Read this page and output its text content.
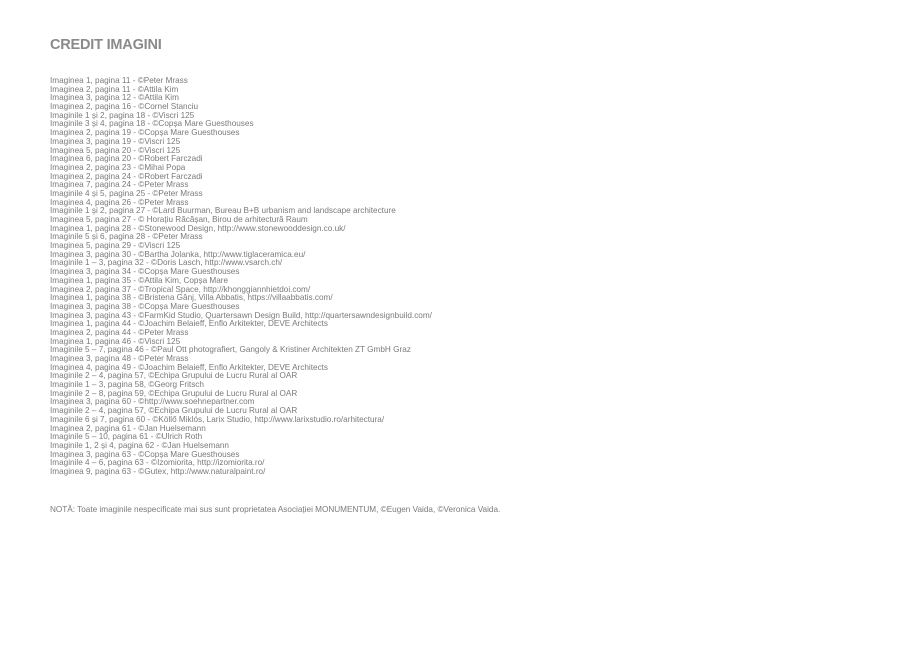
CREDIT IMAGINI
Imaginea 1, pagina 11 - ©Peter Mrass
Imaginea 2, pagina 11 - ©Attila Kim
Imaginea 3, pagina 12 - ©Attila Kim
Imaginea 2, pagina 16 - ©Cornel Stanciu
Imaginile 1 și 2, pagina 18 - ©Viscri 125
Imaginile 3 și 4, pagina 18 - ©Copșa Mare Guesthouses
Imaginea 2, pagina 19 - ©Copșa Mare Guesthouses
Imaginea 3, pagina 19 - ©Viscri 125
Imaginea 5, pagina 20 - ©Viscri 125
Imaginea 6, pagina 20 - ©Robert Farczadi
Imaginea 2, pagina 23 - ©Mihai Popa
Imaginea 2, pagina 24 - ©Robert Farczadi
Imaginea 7, pagina 24 - ©Peter Mrass
Imaginile 4 și 5, pagina 25 - ©Peter Mrass
Imaginea 4, pagina 26 - ©Peter Mrass
Imaginile 1 și 2, pagina 27 - ©Lard Buurman, Bureau B+B urbanism and landscape architecture
Imaginea 5, pagina 27 - © Horațiu Răcășan, Birou de arhitectură Raum
Imaginea 1, pagina 28 - ©Stonewood Design, http://www.stonewooddesign.co.uk/
Imaginile 5 și 6, pagina 28 - ©Peter Mrass
Imaginea 5, pagina 29 - ©Viscri 125
Imaginea 3, pagina 30 - ©Bartha Jolanka, http://www.tiglaceramica.eu/
Imaginile 1 – 3, pagina 32 - ©Doris Lasch, http://www.vsarch.ch/
Imaginea 3, pagina 34 - ©Copșa Mare Guesthouses
Imaginea 1, pagina 35 - ©Attila Kim, Copșa Mare
Imaginea 2, pagina 37 - ©Tropical Space, http://khonggiannhietdoi.com/
Imaginea 1, pagina 38 - ©Bristena Gânj, Villa Abbatis, https://villaabbatis.com/
Imaginea 3, pagina 38 - ©Copșa Mare Guesthouses
Imaginea 3, pagina 43 - ©FarmKid Studio, Quartersawn Design Build, http://quartersawndesignbuild.com/
Imaginea 1, pagina 44 - ©Joachim Belaieff, Enflo Arkitekter, DEVE Architects
Imaginea 2, pagina 44 - ©Peter Mrass
Imaginea 1, pagina 46 - ©Viscri 125
Imaginile 5 – 7, pagina 46 - ©Paul Ott photografiert, Gangoly & Kristiner Architekten ZT GmbH Graz
Imaginea 3, pagina 48 - ©Peter Mrass
Imaginea 4, pagina 49 - ©Joachim Belaieff, Enflo Arkitekter, DEVE Architects
Imaginile 2 – 4, pagina 57, ©Echipa Grupului de Lucru Rural al OAR
Imaginile 1 – 3, pagina 58, ©Georg Fritsch
Imaginile 2 – 8, pagina 59, ©Echipa Grupului de Lucru Rural al OAR
Imaginea 3, pagina 60 - ©http://www.soehnepartner.com
Imaginile 2 – 4, pagina 57, ©Echipa Grupului de Lucru Rural al OAR
Imaginile 6 și 7, pagina 60 - ©Köllő Miklós, Larix Studio, http://www.larixstudio.ro/arhitectura/
Imaginea 2, pagina 61 - ©Jan Huelsemann
Imaginile 5 – 10, pagina 61 - ©Ulrich Roth
Imaginile 1, 2 și 4, pagina 62 - ©Jan Huelsemann
Imaginea 3, pagina 63 - ©Copșa Mare Guesthouses
Imaginile 4 – 6, pagina 63 - ©Izomiorita, http://izomiorita.ro/
Imaginea 9, pagina 63 - ©Gutex, http://www.naturalpaint.ro/

NOTĂ: Toate imaginile nespecificate mai sus sunt proprietatea Asociației MONUMENTUM, ©Eugen Vaida, ©Veronica Vaida.
